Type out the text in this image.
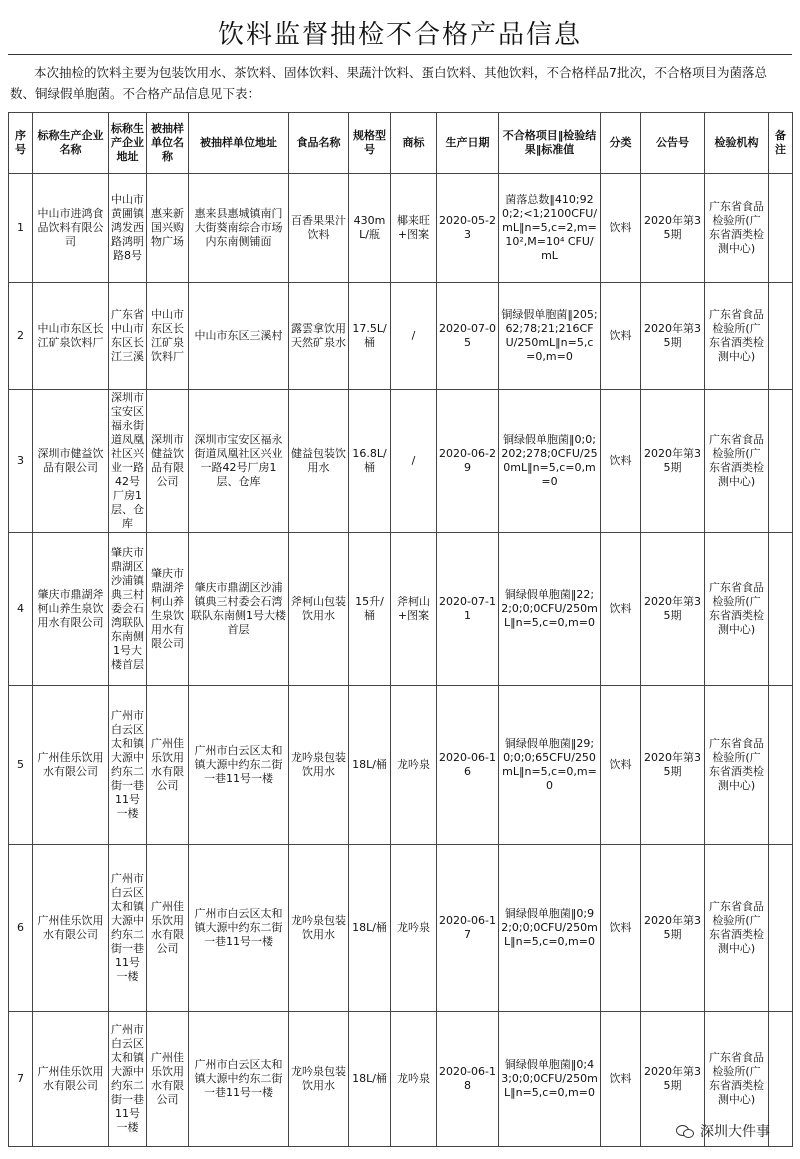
饮料监督抽检不合格产品信息
本次抽检的饮料主要为包装饮用水、茶饮料、固体饮料、果蔬汁饮料、蛋白饮料、其他饮料，不合格样品7批次，不合格项目为菌落总数、铜绿假单胞菌。不合格产品信息见下表：
序号	标称生产企业名称	标称生产企业地址	被抽样单位名称	被抽样单位地址	食品名称	规格型号	商标	生产日期	不合格项目‖检验结果‖标准值	分类	公告号	检验机构	备注
1	中山市进鸿食品饮料有限公司	中山市黄圃镇鸿发西路鸿明路8号	惠来新国兴购物广场	惠来县惠城镇南门大街葵南综合市场内东南侧铺面	百香果果汁饮料	430mL/瓶	椰来旺+图案	2020-05-23	菌落总数‖410;920;2;<1;2100CFU/mL‖n=5,c=2,m=10²,M=10⁴ CFU/mL	饮料	2020年第35期	广东省食品检验所(广东省酒类检测中心)	
2	中山市东区长江矿泉饮料厂	广东省中山市东区长江三溪	中山市东区长江矿泉饮料厂	中山市东区三溪村	露雲拿饮用天然矿泉水	17.5L/桶	/	2020-07-05	铜绿假单胞菌‖205;62;78;21;216CFU/250mL‖n=5,c=0,m=0	饮料	2020年第35期	广东省食品检验所(广东省酒类检测中心)	
3	深圳市健益饮品有限公司	深圳市宝安区福永街道凤凰社区兴业一路42号厂房1层、仓库	深圳市健益饮品有限公司	深圳市宝安区福永街道凤凰社区兴业一路42号厂房1层、仓库	健益包装饮用水	16.8L/桶	/	2020-06-29	铜绿假单胞菌‖0;0;202;278;0CFU/250mL‖n=5,c=0,m=0	饮料	2020年第35期	广东省食品检验所(广东省酒类检测中心)	
4	肇庆市鼎湖斧柯山养生泉饮用水有限公司	肇庆市鼎湖区沙浦镇典三村委会石湾联队东南侧1号大楼首层	肇庆市鼎湖斧柯山养生泉饮用水有限公司	肇庆市鼎湖区沙浦镇典三村委会石湾联队东南侧1号大楼首层	斧柯山包装饮用水	15升/桶	斧柯山+图案	2020-07-11	铜绿假单胞菌‖22;2;0;0;0CFU/250mL‖n=5,c=0,m=0	饮料	2020年第35期	广东省食品检验所(广东省酒类检测中心)	
5	广州佳乐饮用水有限公司	广州市白云区太和镇大源中约东二街一巷11号一楼	广州佳乐饮用水有限公司	广州市白云区太和镇大源中约东二街一巷11号一楼	龙吟泉包装饮用水	18L/桶	龙吟泉	2020-06-16	铜绿假单胞菌‖29;0;0;0;65CFU/250mL‖n=5,c=0,m=0	饮料	2020年第35期	广东省食品检验所(广东省酒类检测中心)	
6	广州佳乐饮用水有限公司	广州市白云区太和镇大源中约东二街一巷11号一楼	广州佳乐饮用水有限公司	广州市白云区太和镇大源中约东二街一巷11号一楼	龙吟泉包装饮用水	18L/桶	龙吟泉	2020-06-17	铜绿假单胞菌‖0;92;0;0;0CFU/250mL‖n=5,c=0,m=0	饮料	2020年第35期	广东省食品检验所(广东省酒类检测中心)	
7	广州佳乐饮用水有限公司	广州市白云区太和镇大源中约东二街一巷11号一楼	广州佳乐饮用水有限公司	广州市白云区太和镇大源中约东二街一巷11号一楼	龙吟泉包装饮用水	18L/桶	龙吟泉	2020-06-18	铜绿假单胞菌‖0;43;0;0;0CFU/250mL‖n=5,c=0,m=0	饮料	2020年第35期	广东省食品检验所(广东省酒类检测中心)	
深圳大件事
